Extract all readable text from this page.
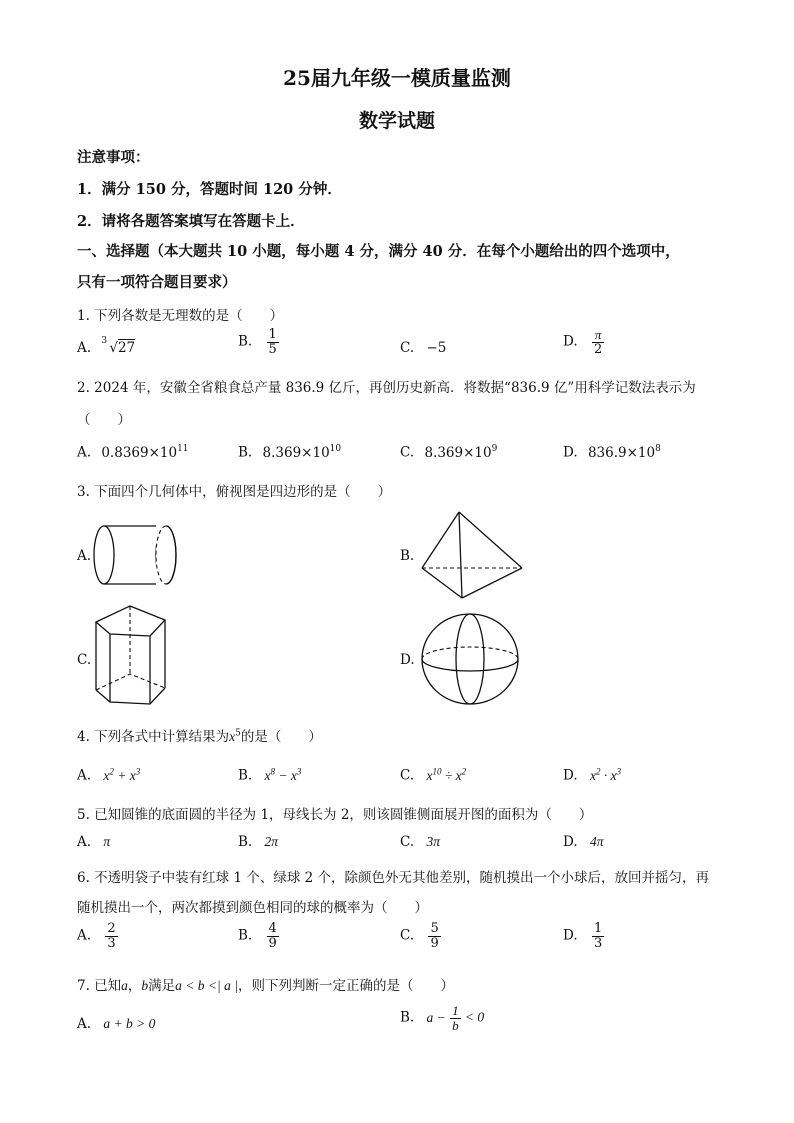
25届九年级一模质量监测
数学试题
注意事项：
1．满分 150 分，答题时间 120 分钟．
2．请将各题答案填写在答题卡上．
一、选择题（本大题共 10 小题，每小题 4 分，满分 40 分．在每个小题给出的四个选项中，
只有一项符合题目要求）
1. 下列各数是无理数的是（　　）
A. 3 √27	B. $\frac{1}{5}$	C. −5	D. $\frac{\pi}{2}$
2. 2024 年，安徽全省粮食总产量 836.9 亿斤，再创历史新高．将数据“836.9 亿”用科学记数法表示为
（　　）
A. $0.8369\times 10^{11}$	B. $8.369\times 10^{10}$	C. $8.369\times 10^9$	D. $836.9\times 10^8$
3. 下面四个几何体中，俯视图是四边形的是（　　）
A.	B.
C.	D.
4. 下列各式中计算结果为$x^5$的是（　　）
A. $x^2 + x^3$	B. $x^8 - x^3$	C. $x^{10} \div x^2$	D. $x^2 \cdot x^3$
5. 已知圆锥的底面圆的半径为 1，母线长为 2，则该圆锥侧面展开图的面积为（　　）
A. π	B. 2π	C. 3π	D. 4π
6. 不透明袋子中装有红球 1 个、绿球 2 个，除颜色外无其他差别，随机摸出一个小球后，放回并摇匀，再
随机摸出一个，两次都摸到颜色相同的球的概率为（　　）
A. $\frac{2}{3}$	B. $\frac{4}{9}$	C. $\frac{5}{9}$	D. $\frac{1}{3}$
7. 已知a，b满足a < b <| a |，则下列判断一定正确的是（　　）
A. a + b > 0	B. $a - \frac{1}{b} < 0$
